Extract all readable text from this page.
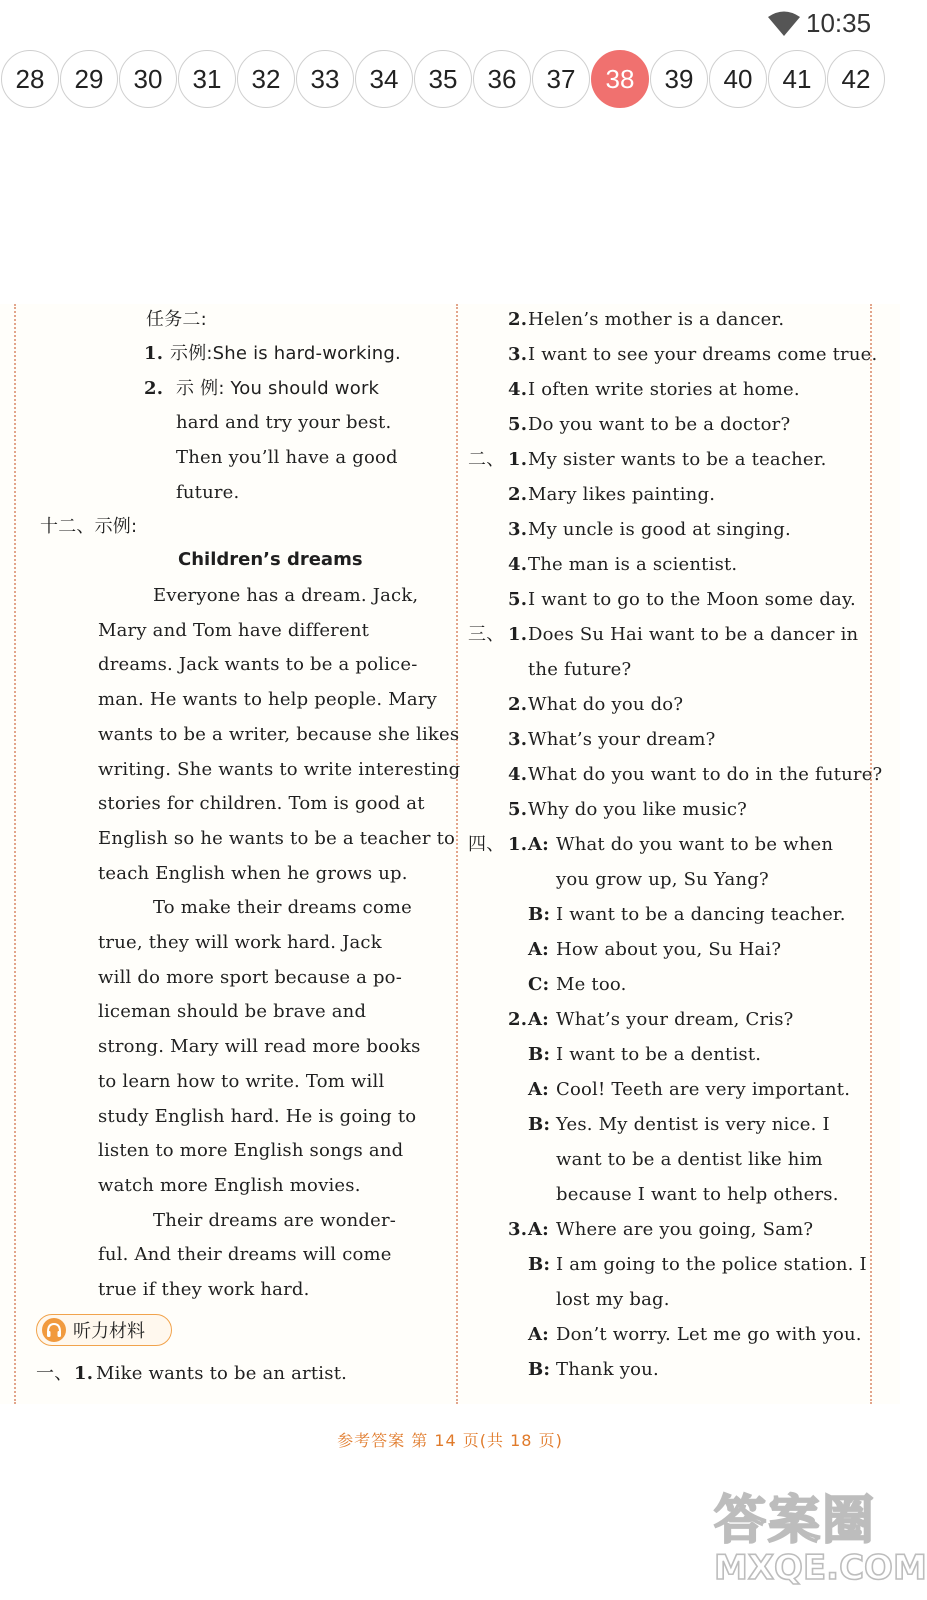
10:35
28	29	30	31	32	33	34	35	36	37	38	39	40	41	42
任务二:
1. 示例:She is hard-working.
2. 示 例: You should work
hard and try your best.
Then you’ll have a good
future.
十二、示例:
Children’s dreams
Everyone has a dream. Jack,
Mary and Tom have different
dreams. Jack wants to be a police-
man. He wants to help people. Mary
wants to be a writer, because she likes
writing. She wants to write interesting
stories for children. Tom is good at
English so he wants to be a teacher to
teach English when he grows up.
To make their dreams come
true, they will work hard. Jack
will do more sport because a po-
liceman should be brave and
strong. Mary will read more books
to learn how to write. Tom will
study English hard. He is going to
listen to more English songs and
watch more English movies.
Their dreams are wonder-
ful. And their dreams will come
true if they work hard.
听力材料
一、 1. Mike wants to be an artist.
2. Helen’s mother is a dancer.
3. I want to see your dreams come true.
4. I often write stories at home.
5. Do you want to be a doctor?
二、 1. My sister wants to be a teacher.
2. Mary likes painting.
3. My uncle is good at singing.
4. The man is a scientist.
5. I want to go to the Moon some day.
三、 1. Does Su Hai want to be a dancer in
the future?
2. What do you do?
3. What’s your dream?
4. What do you want to do in the future?
5. Why do you like music?
四、 1. A: What do you want to be when
you grow up, Su Yang?
B: I want to be a dancing teacher.
A: How about you, Su Hai?
C: Me too.
2. A: What’s your dream, Cris?
B: I want to be a dentist.
A: Cool! Teeth are very important.
B: Yes. My dentist is very nice. I
want to be a dentist like him
because I want to help others.
3. A: Where are you going, Sam?
B: I am going to the police station. I
lost my bag.
A: Don’t worry. Let me go with you.
B: Thank you.
参考答案 第 14 页(共 18 页)
答案圈
MXQE.COM
